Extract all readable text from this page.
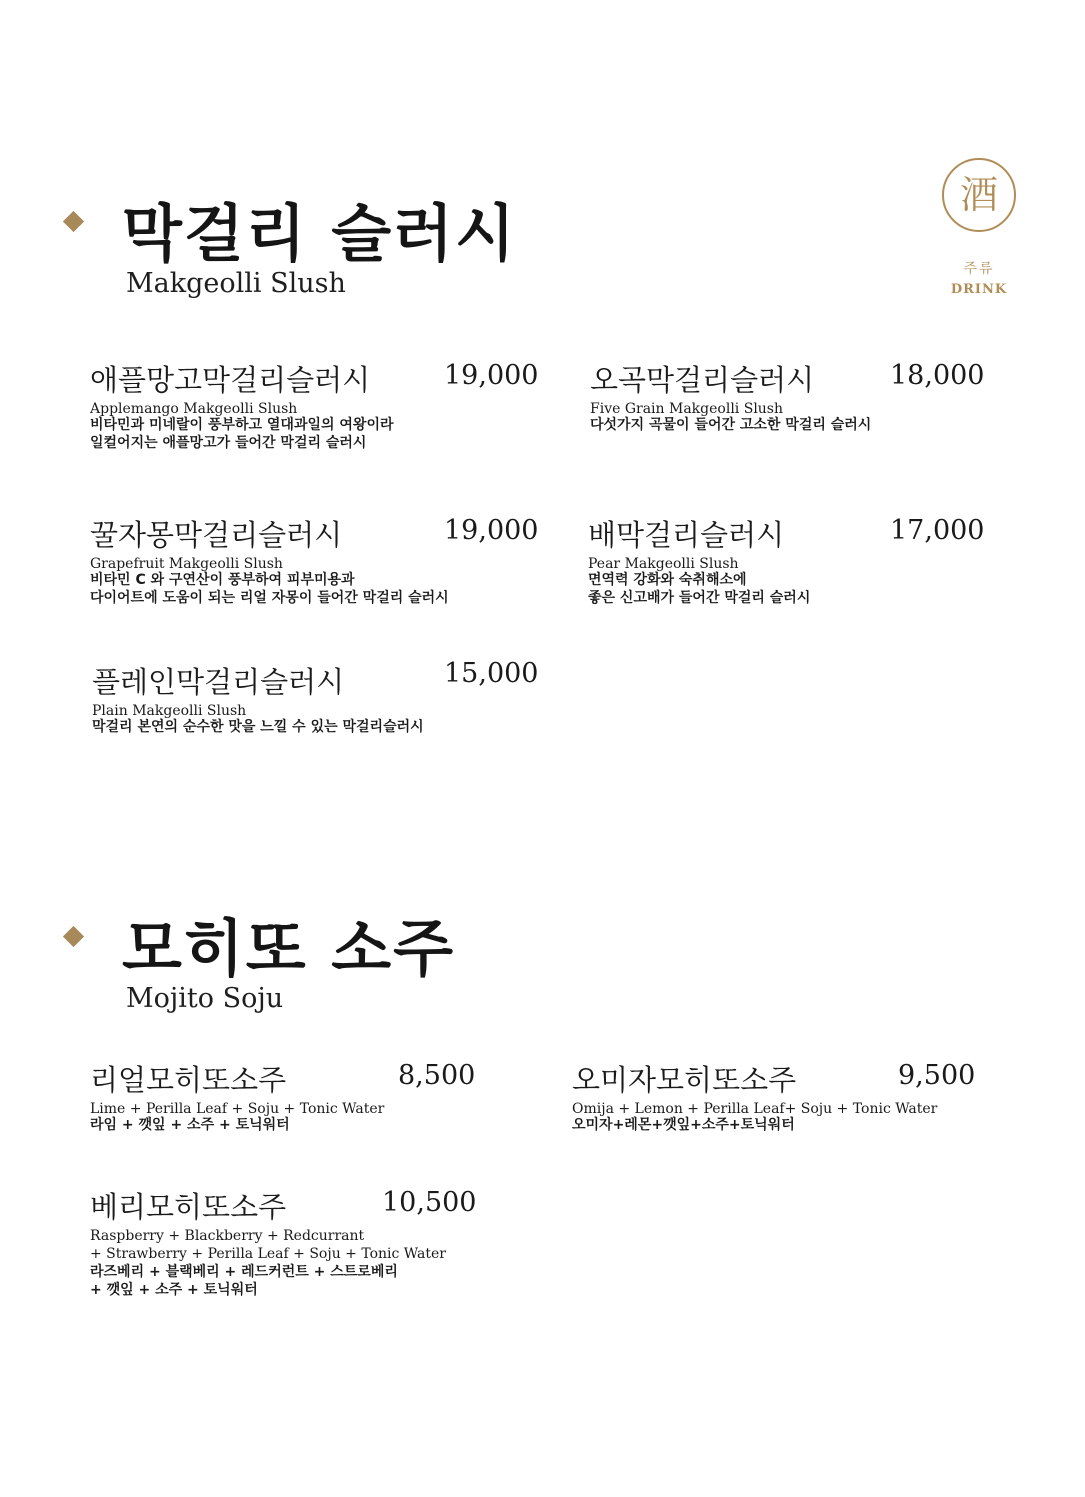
酒
주류
DRINK
막걸리 슬러시
Makgeolli Slush
애플망고막걸리슬러시	19,000
Applemango Makgeolli Slush
비타민과 미네랄이 풍부하고 열대과일의 여왕이라
일컬어지는 애플망고가 들어간 막걸리 슬러시
오곡막걸리슬러시	18,000
Five Grain Makgeolli Slush
다섯가지 곡물이 들어간 고소한 막걸리 슬러시
꿀자몽막걸리슬러시	19,000
Grapefruit Makgeolli Slush
비타민 C 와 구연산이 풍부하여 피부미용과
다이어트에 도움이 되는 리얼 자몽이 들어간 막걸리 슬러시
배막걸리슬러시	17,000
Pear Makgeolli Slush
면역력 강화와 숙취해소에
좋은 신고배가 들어간 막걸리 슬러시
플레인막걸리슬러시	15,000
Plain Makgeolli Slush
막걸리 본연의 순수한 맛을 느낄 수 있는 막걸리슬러시
모히또 소주
Mojito Soju
리얼모히또소주	8,500
Lime + Perilla Leaf + Soju + Tonic Water
라임 + 깻잎 + 소주 + 토닉워터
오미자모히또소주	9,500
Omija + Lemon + Perilla Leaf+ Soju + Tonic Water
오미자+레몬+깻잎+소주+토닉워터
베리모히또소주	10,500
Raspberry + Blackberry + Redcurrant
+ Strawberry + Perilla Leaf + Soju + Tonic Water
라즈베리 + 블랙베리 + 레드커런트 + 스트로베리
+ 깻잎 + 소주 + 토닉워터
